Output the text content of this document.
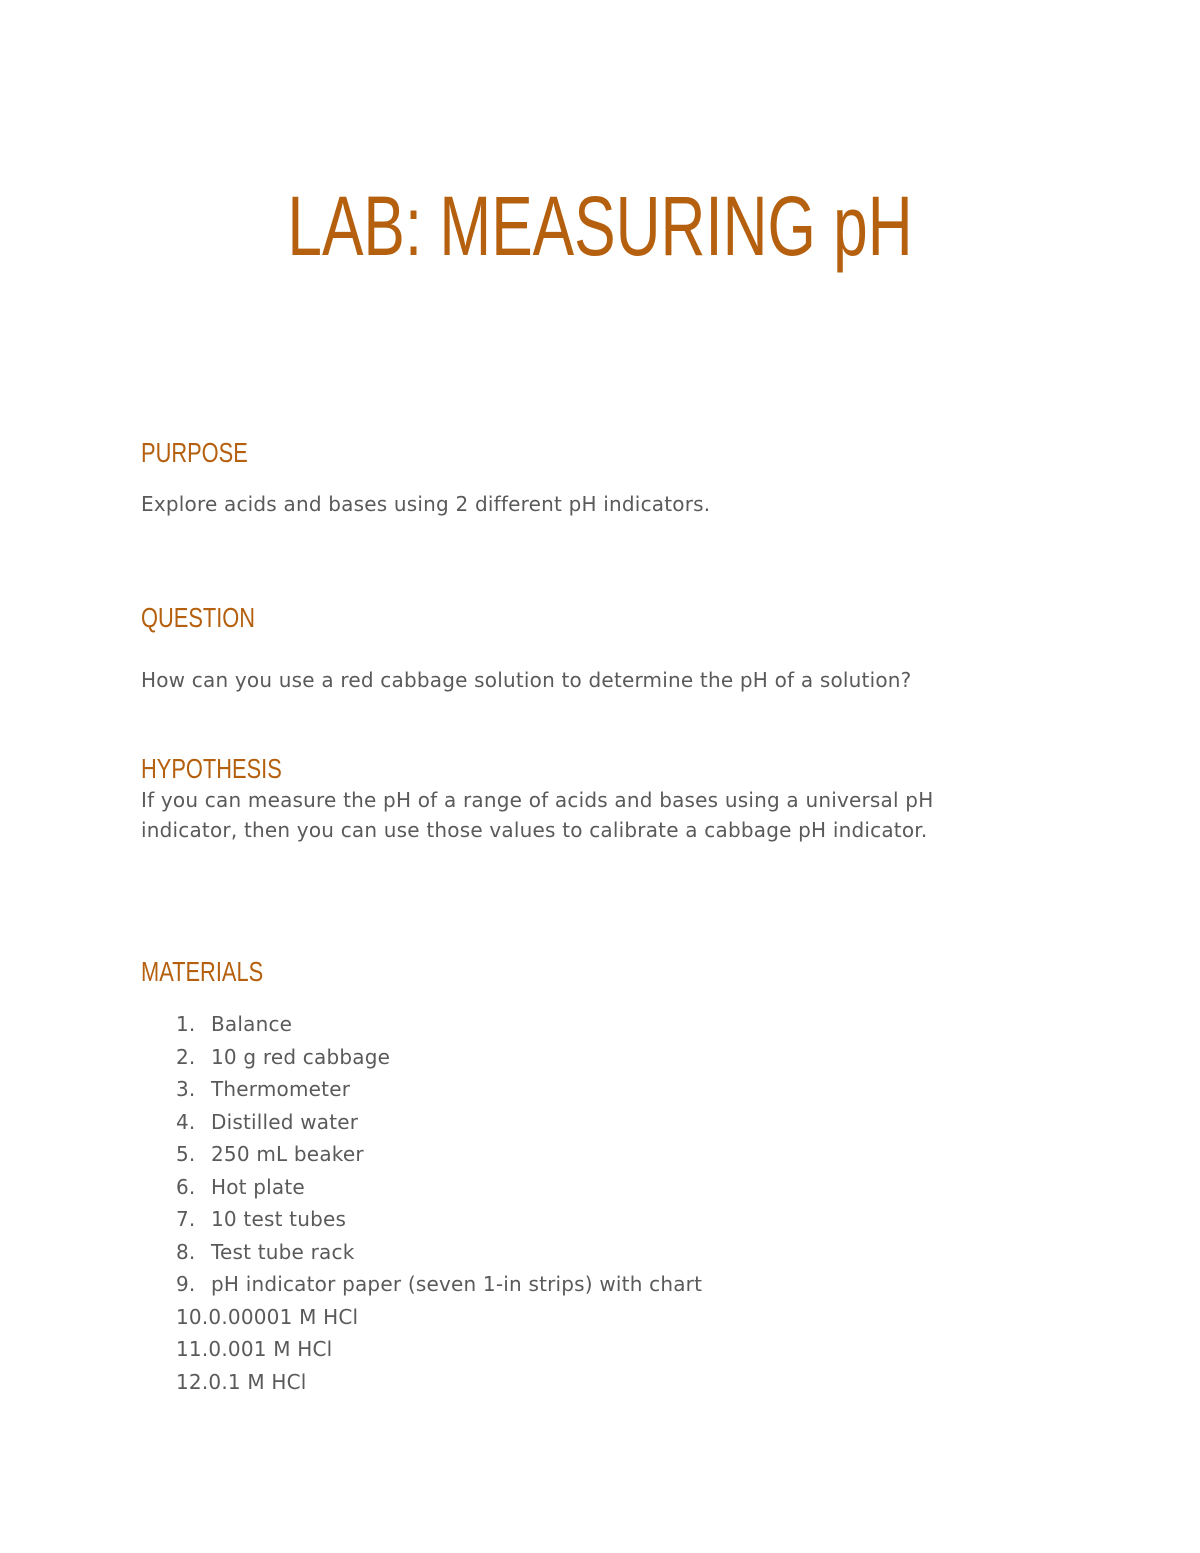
LAB: MEASURING pH
PURPOSE
Explore acids and bases using 2 different pH indicators.
QUESTION
How can you use a red cabbage solution to determine the pH of a solution?
HYPOTHESIS
If you can measure the pH of a range of acids and bases using a universal pH
indicator, then you can use those values to calibrate a cabbage pH indicator.
MATERIALS
1. Balance
2. 10 g red cabbage
3. Thermometer
4. Distilled water
5. 250 mL beaker
6. Hot plate
7. 10 test tubes
8. Test tube rack
9. pH indicator paper (seven 1-in strips) with chart
10.0.00001 M HCl
11.0.001 M HCl
12.0.1 M HCl
